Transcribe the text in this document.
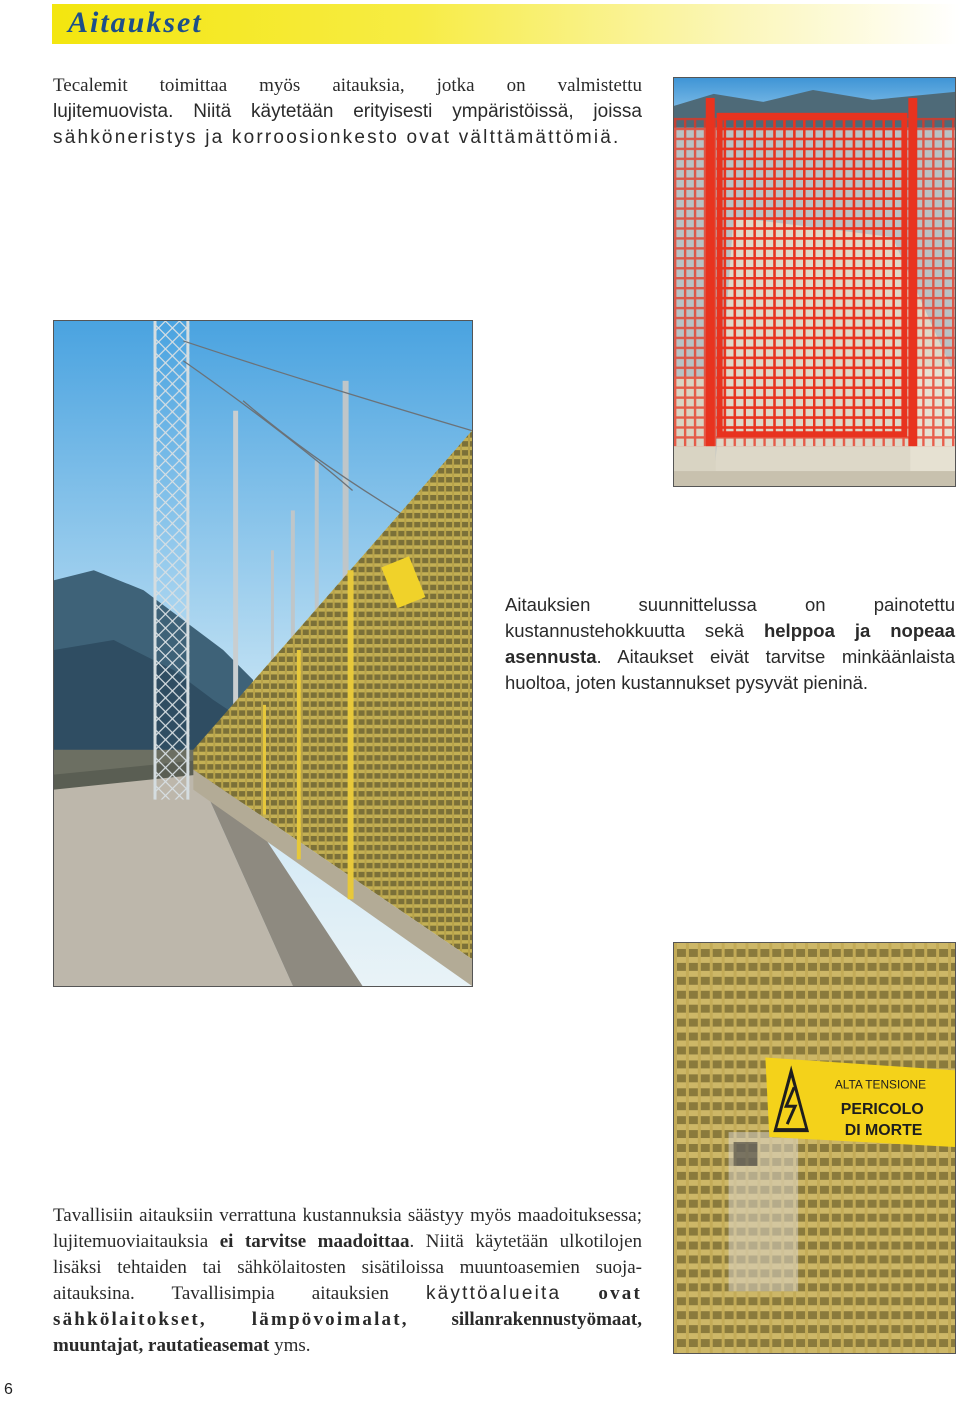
Aitaukset
Tecalemit toimittaa myös aitauksia, jotka on valmistettu
lujitemuovista. Niitä käytetään erityisesti ympäristöissä, joissa
sähköneristys ja korroosionkesto ovat välttämättömiä.
Aitauksien suunnittelussa on painotettu kustannustehokkuutta sekä helppoa ja nopeaa asennusta. Aitaukset eivät tarvitse minkäänlaista huoltoa, joten kustannukset pysyvät pieninä.
ALTA TENSIONE
PERICOLO
DI MORTE
Tavallisiin aitauksiin verrattuna kustannuksia säästyy myös maadoituksessa; lujitemuoviaitauksia ei tarvitse maadoittaa. Niitä käytetään ulkotilojen lisäksi tehtaiden tai sähkölaitosten sisätiloissa muuntoasemien suoja-aitauksina. Tavallisimpia aitauksien käyttöalueita ovat sähkölaitokset, lämpövoimalat, sillanrakennustyömaat, muuntajat, rautatieasemat yms.
6
